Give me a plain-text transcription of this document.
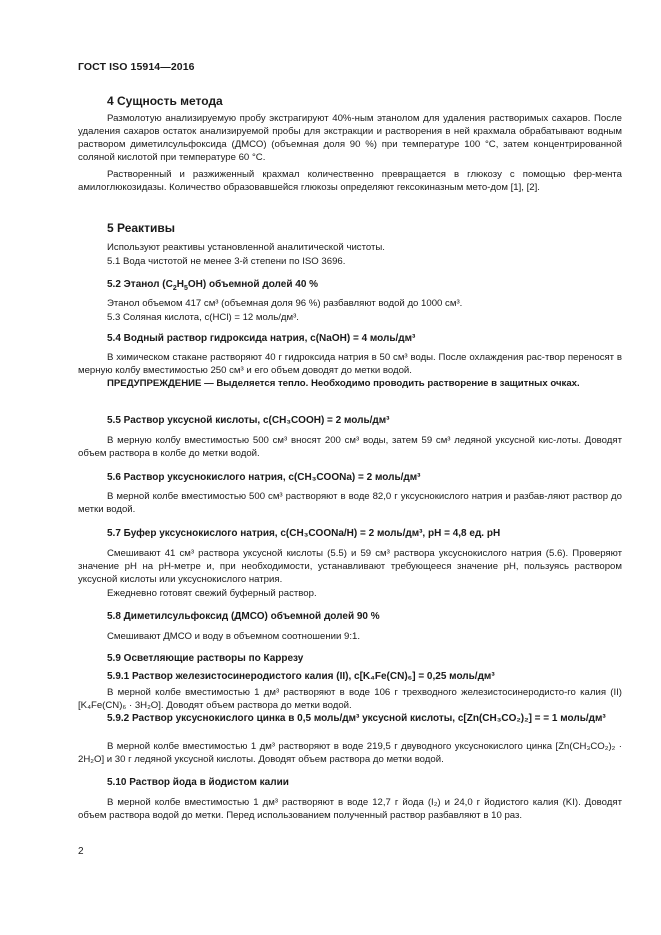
ГОСТ ISO 15914—2016
4 Сущность метода
Размолотую анализируемую пробу экстрагируют 40%-ным этанолом для удаления растворимых сахаров. После удаления сахаров остаток анализируемой пробы для экстракции и растворения в ней крахмала обрабатывают водным раствором диметилсульфоксида (ДМСО) (объемная доля 90 %) при температуре 100 °С, затем концентрированной соляной кислотой при температуре 60 °С.
Растворенный и разжиженный крахмал количественно превращается в глюкозу с помощью фер-мента амилоглюкозидазы. Количество образовавшейся глюкозы определяют гексокиназным мето-дом [1], [2].
5 Реактивы
Используют реактивы установленной аналитической чистоты.
5.1 Вода чистотой не менее 3-й степени по ISO 3696.
5.2 Этанол $(C_2H_5OH)$ объемной долей 40 %
Этанол объемом 417 см³ (объемная доля 96 %) разбавляют водой до 1000 см³.
5.3 Соляная кислота, c(HCl) = 12 моль/дм³.
5.4 Водный раствор гидроксида натрия, c(NaOH) = 4 моль/дм³
В химическом стакане растворяют 40 г гидроксида натрия в 50 см³ воды. После охлаждения рас-твор переносят в мерную колбу вместимостью 250 см³ и его объем доводят до метки водой.
ПРЕДУПРЕЖДЕНИЕ — Выделяется тепло. Необходимо проводить растворение в защитных очках.
5.5 Раствор уксусной кислоты, c(CH₃COOH) = 2 моль/дм³
В мерную колбу вместимостью 500 см³ вносят 200 см³ воды, затем 59 см³ ледяной уксусной кис-лоты. Доводят объем раствора в колбе до метки водой.
5.6 Раствор уксуснокислого натрия, c(CH₃COONa) = 2 моль/дм³
В мерной колбе вместимостью 500 см³ растворяют в воде 82,0 г уксуснокислого натрия и разбав-ляют раствор до метки водой.
5.7 Буфер уксуснокислого натрия, c(CH₃COONa/H) = 2 моль/дм³, pH = 4,8 ед. pH
Смешивают 41 см³ раствора уксусной кислоты (5.5) и 59 см³ раствора уксуснокислого натрия (5.6). Проверяют значение pH на pH-метре и, при необходимости, устанавливают требующееся значение pH, пользуясь раствором уксусной кислоты или уксуснокислого натрия.
Ежедневно готовят свежий буферный раствор.
5.8 Диметилсульфоксид (ДМСО) объемной долей 90 %
Смешивают ДМСО и воду в объемном соотношении 9:1.
5.9 Осветляющие растворы по Каррезу
5.9.1 Раствор железистосинеродистого калия (II), c[K₄Fe(CN)₆] = 0,25 моль/дм³
В мерной колбе вместимостью 1 дм³ растворяют в воде 106 г трехводного железистосинеродисто-го калия (II) [K₄Fe(CN)₆ · 3H₂O]. Доводят объем раствора до метки водой.
5.9.2 Раствор уксуснокислого цинка в 0,5 моль/дм³ уксусной кислоты, c[Zn(CH₃CO₂)₂] = = 1 моль/дм³
В мерной колбе вместимостью 1 дм³ растворяют в воде 219,5 г двуводного уксуснокислого цинка [Zn(CH₃CO₂)₂ · 2H₂O] и 30 г ледяной уксусной кислоты. Доводят объем раствора до метки водой.
5.10 Раствор йода в йодистом калии
В мерной колбе вместимостью 1 дм³ растворяют в воде 12,7 г йода (I₂) и 24,0 г йодистого калия (KI). Доводят объем раствора водой до метки. Перед использованием полученный раствор разбавляют в 10 раз.
2
